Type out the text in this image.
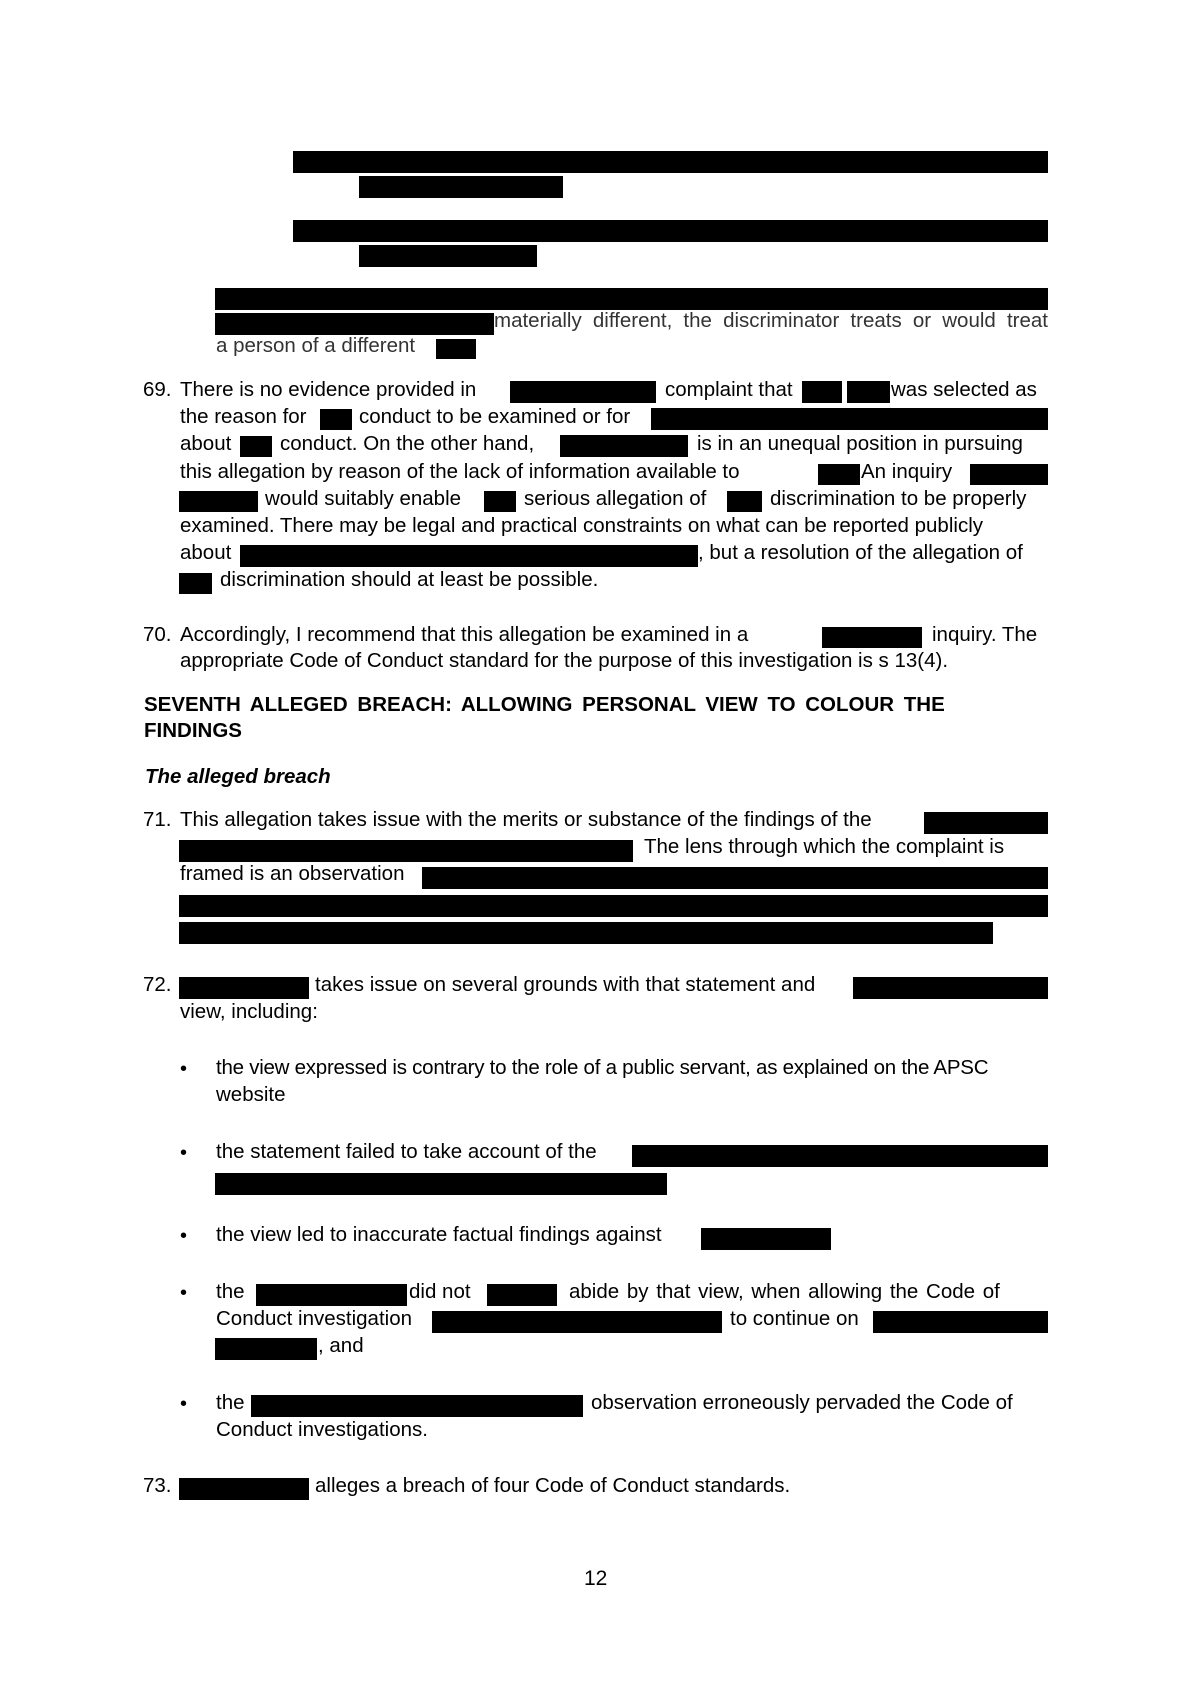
materially different, the discriminator treats or would treat
a person of a different
69. There is no evidence provided in	complaint that	was selected as
the reason for	conduct to be examined or for
about conduct. On the other hand,	is in an unequal position in pursuing
this allegation by reason of the lack of information available to	An inquiry
would suitably enable	serious allegation of	discrimination to be properly
examined. There may be legal and practical constraints on what can be reported publicly
about	, but a resolution of the allegation of
discrimination should at least be possible.
70. Accordingly, I recommend that this allegation be examined in a	inquiry. The
appropriate Code of Conduct standard for the purpose of this investigation is s 13(4).
SEVENTH ALLEGED BREACH: ALLOWING PERSONAL VIEW TO COLOUR THE
FINDINGS
The alleged breach
71. This allegation takes issue with the merits or substance of the findings of the
The lens through which the complaint is
framed is an observation
72.	takes issue on several grounds with that statement and
view, including:
• the view expressed is contrary to the role of a public servant, as explained on the APSC
website
• the statement failed to take account of the
• the view led to inaccurate factual findings against
• the	did not	abide by that view, when allowing the Code of
Conduct investigation	to continue on
, and
• the	observation erroneously pervaded the Code of
Conduct investigations.
73.	alleges a breach of four Code of Conduct standards.
12
